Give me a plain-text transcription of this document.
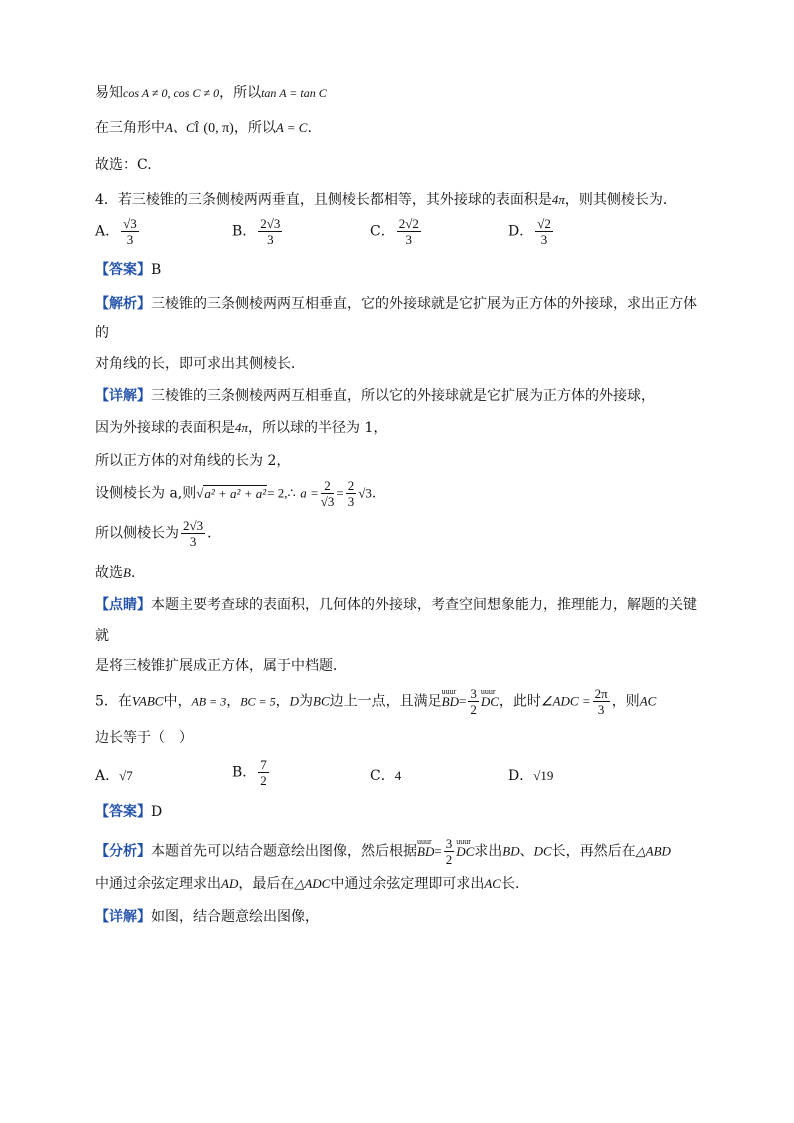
易知cos A ≠ 0, cos C ≠ 0，所以tan A = tan C
在三角形中A、CÎ (0, π)，所以A = C.
故选：C.
4．若三棱锥的三条侧棱两两垂直，且侧棱长都相等，其外接球的表面积是4π，则其侧棱长为．
A． $\frac{√3}{3}$	B． $\frac{2√3}{3}$	C． $\frac{2√2}{3}$	D． $\frac{√2}{3}$
【答案】B
【解析】三棱锥的三条侧棱两两互相垂直，它的外接球就是它扩展为正方体的外接球，求出正方体
的
对角线的长，即可求出其侧棱长．
【详解】三棱锥的三条侧棱两两互相垂直，所以它的外接球就是它扩展为正方体的外接球，
因为外接球的表面积是4π，所以球的半径为 1，
所以正方体的对角线的长为 2，
设侧棱长为 a,则√a² + a² + a²= 2,∴ $a = \frac{2}{√3} = \frac{2}{3} √3$.
所以侧棱长为 $\frac{2√3}{3}$ ．
故选B．
【点睛】本题主要考查球的表面积，几何体的外接球，考查空间想象能力，推理能力，解题的关键
就
是将三棱锥扩展成正方体，属于中档题．
5．在VABC中，AB = 3，BC = 5，D为BC边上一点，且满足
uuur
$BD= \frac{3}{2}$ uuur
DC，此时∠ADC = $\frac{2\pi}{3}$ ，则AC
边长等于（　）
A．√7	B． $\frac{7}{2}$	C．4	D．√19
【答案】D
【分析】本题首先可以结合题意绘出图像，然后根据
uuur
$BD= \frac{3}{2}$ uuur
DC求出BD、DC长，再然后在△ABD
中通过余弦定理求出AD，最后在△ADC中通过余弦定理即可求出AC长.
【详解】如图，结合题意绘出图像，
